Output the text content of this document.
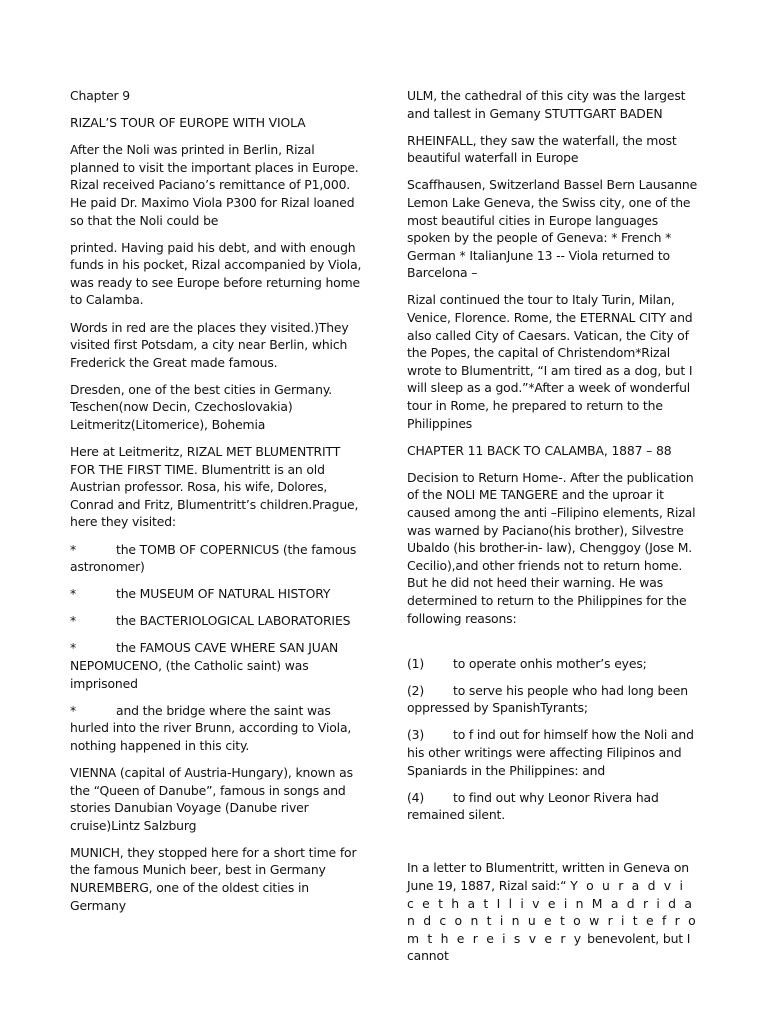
Chapter 9

RIZAL’S TOUR OF EUROPE WITH VIOLA

After the Noli was printed in Berlin, Rizal planned to visit the important places in Europe. Rizal received Paciano’s remittance of P1,000. He paid Dr. Maximo Viola P300 for Rizal loaned so that the Noli could be

printed. Having paid his debt, and with enough funds in his pocket, Rizal accompanied by Viola, was ready to see Europe before returning home to Calamba.

Words in red are the places they visited.)They visited first Potsdam, a city near Berlin, which Frederick the Great made famous.

Dresden, one of the best cities in Germany. Teschen(now Decin, Czechoslovakia) Leitmeritz(Litomerice), Bohemia

Here at Leitmeritz, RIZAL MET BLUMENTRITT FOR THE FIRST TIME. Blumentritt is an old Austrian professor. Rosa, his wife, Dolores, Conrad and Fritz, Blumentritt’s children.Prague, here they visited:

*	the TOMB OF COPERNICUS (the famous astronomer)

*	the MUSEUM OF NATURAL HISTORY

*	the BACTERIOLOGICAL LABORATORIES

*	the FAMOUS CAVE WHERE SAN JUAN NEPOMUCENO, (the Catholic saint) was imprisoned

*	and the bridge where the saint was hurled into the river Brunn, according to Viola, nothing happened in this city.

VIENNA (capital of Austria-Hungary), known as the “Queen of Danube”, famous in songs and stories Danubian Voyage (Danube river cruise)Lintz Salzburg

MUNICH, they stopped here for a short time for the famous Munich beer, best in Germany NUREMBERG, one of the oldest cities in Germany

ULM, the cathedral of this city was the largest and tallest in Gemany STUTTGART BADEN

RHEINFALL, they saw the waterfall, the most beautiful waterfall in Europe

Scaffhausen, Switzerland Bassel Bern Lausanne Lemon Lake Geneva, the Swiss city, one of the most beautiful cities in Europe languages spoken by the people of Geneva: * French * German * ItalianJune 13 -- Viola returned to Barcelona –

Rizal continued the tour to Italy Turin, Milan, Venice, Florence. Rome, the ETERNAL CITY and also called City of Caesars. Vatican, the City of the Popes, the capital of Christendom*Rizal wrote to Blumentritt, “I am tired as a dog, but I will sleep as a god.”*After a week of wonderful tour in Rome, he prepared to return to the Philippines

CHAPTER 11 BACK TO CALAMBA, 1887 – 88

Decision to Return Home-. After the publication of the NOLI ME TANGERE and the uproar it caused among the anti –Filipino elements, Rizal was warned by Paciano(his brother), Silvestre Ubaldo (his brother-in- law), Chenggoy (Jose M. Cecilio),and other friends not to return home. But he did not heed their warning. He was determined to return to the Philippines for the following reasons:

(1) to operate onhis mother’s eyes;

(2) to serve his people who had long been oppressed by SpanishTyrants;

(3) to f ind out for himself how the Noli and his other writings were affecting Filipinos and Spaniards in the Philippines: and

(4) to find out why Leonor Rivera had remained silent.

In a letter to Blumentritt, written in Geneva on June 19, 1887, Rizal said:“ Y o u r a d v i c e t h a t I l i v e i n M a d r i d a n d c o n t i n u e t o w r i t e f r o m t h e r e i s v e r y benevolent, but I cannot
